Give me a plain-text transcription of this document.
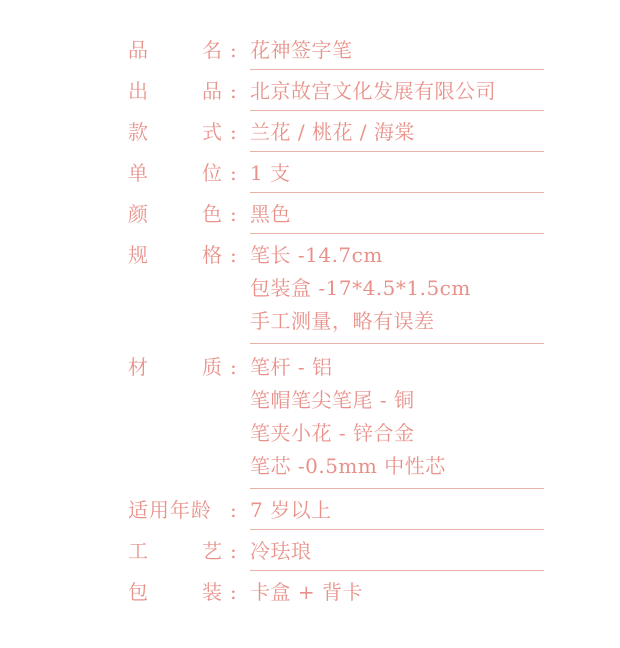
品	名 : 花神签字笔
出	品 : 北京故宫文化发展有限公司
款	式 : 兰花 / 桃花 / 海棠
单	位 : 1 支
颜	色 : 黑色
规	格 : 笔长 -14.7cm
包装盒 -17*4.5*1.5cm
手工测量，略有误差
材	质 : 笔杆 - 铝
笔帽笔尖笔尾 - 铜
笔夹小花 - 锌合金
笔芯 -0.5mm 中性芯
适用年龄 : 7 岁以上
工	艺 : 冷珐琅
包	装 : 卡盒 + 背卡
